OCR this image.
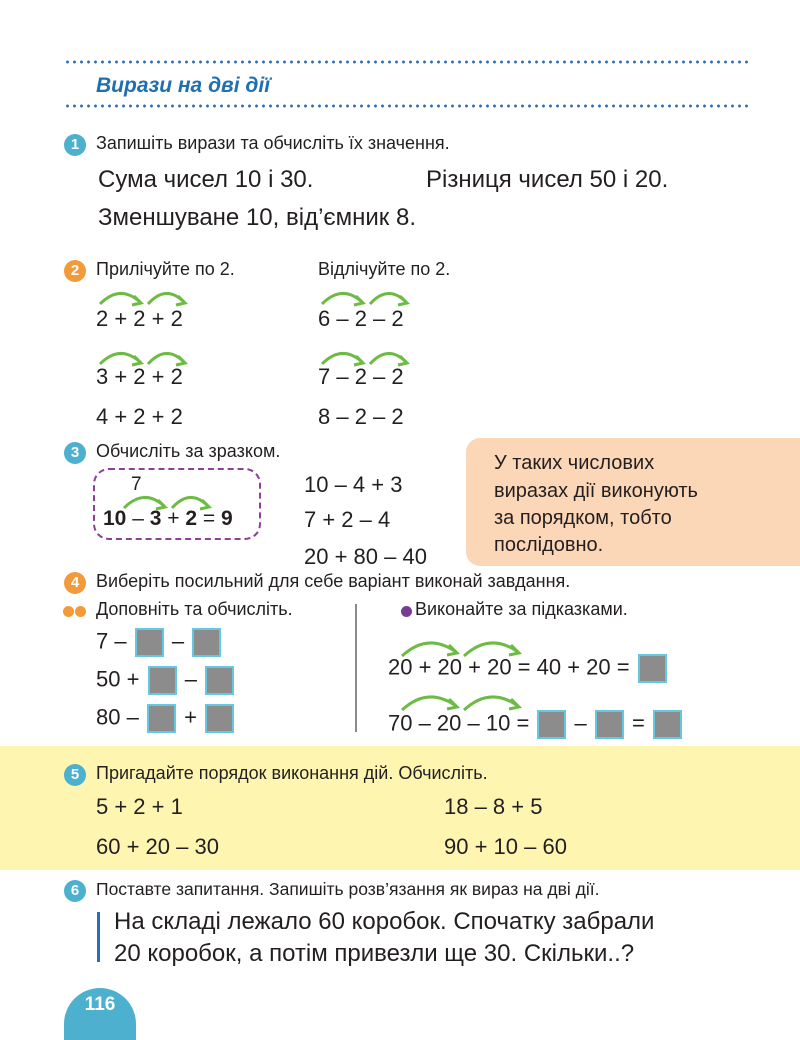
Вирази на дві дії
1 Запишіть вирази та обчисліть їх значення.
Сума чисел 10 і 30.	Різниця чисел 50 і 20.
Зменшуване 10, від’ємник 8.
2 Прилічуйте по 2.	Відлічуйте по 2.
2 + 2 + 2	6 – 2 – 2
3 + 2 + 2	7 – 2 – 2
4 + 2 + 2	8 – 2 – 2
3 Обчисліть за зразком.
7
10 – 3 + 2 = 9
10 – 4 + 3
7 + 2 – 4
20 + 80 – 40
У таких числових
виразах дії виконують
за порядком, тобто
послідовно.
4 Виберіть посильний для себе варіант виконай завдання.
Доповніть та обчисліть.	Виконайте за підказками.
7 – –
50 + –
80 – +
20 + 20 + 20 = 40 + 20 =
70 – 20 – 10 = – =
5 Пригадайте порядок виконання дій. Обчисліть.
5 + 2 + 1	18 – 8 + 5
60 + 20 – 30	90 + 10 – 60
6 Поставте запитання. Запишіть розв’язання як вираз на дві дії.
На складі лежало 60 коробок. Спочатку забрали
20 коробок, а потім привезли ще 30. Скільки..?
116
